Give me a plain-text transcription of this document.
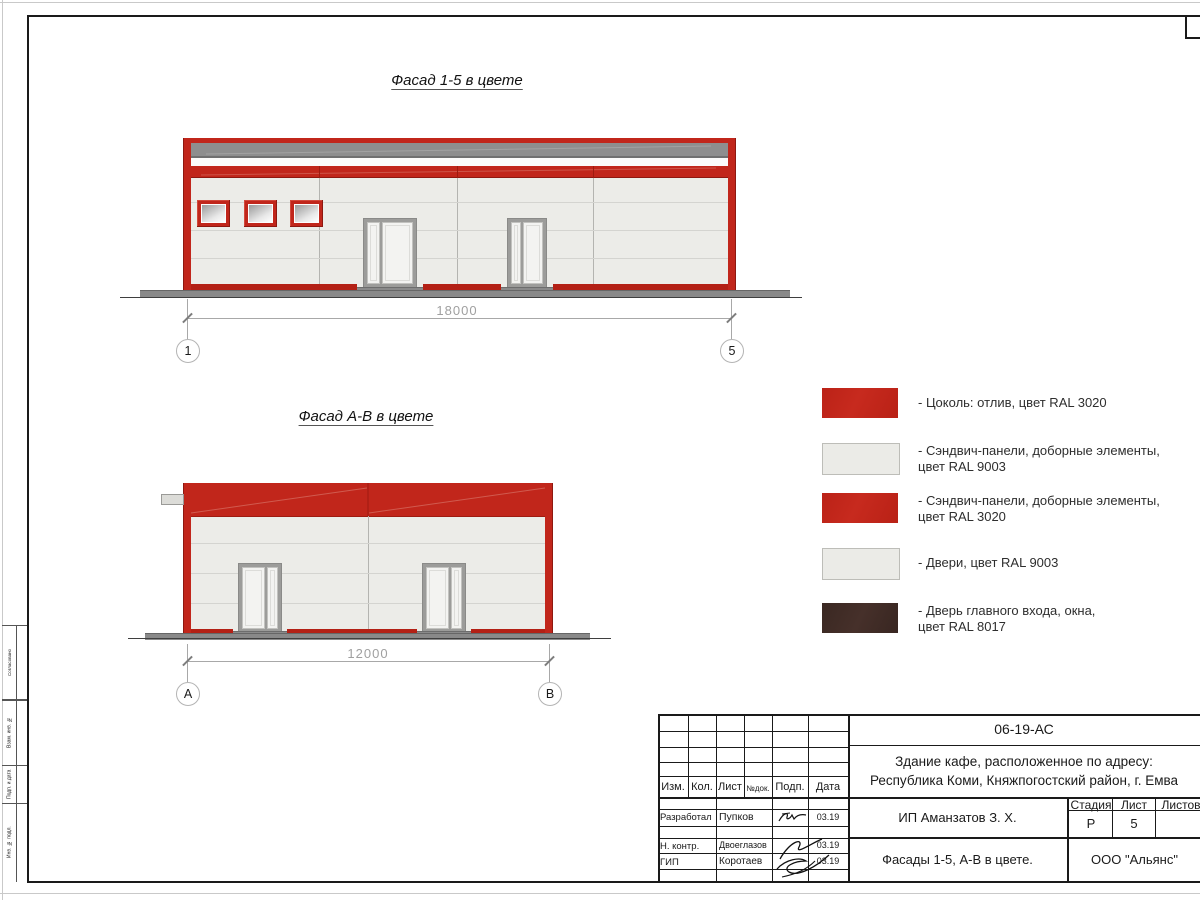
Согласовано
Взам. инв. №
Подп. и дата
Инв. № подл.
Фасад 1-5 в цвете
18000
1	5
Фасад А-В в цвете
12000
А	В
- Цоколь: отлив, цвет RAL 3020
- Сэндвич-панели, доборные элементы,
цвет RAL 9003
- Сэндвич-панели, доборные элементы,
цвет RAL 3020
- Двери, цвет RAL 9003
- Дверь главного входа, окна,
цвет RAL 8017
Изм. Кол. Лист №док. Подп.	Дата
Разработал Пупков	03.19
Н. контр.	Двоеглазов	03.19
ГИП	Коротаев	03.19
06-19-АС
Здание кафе, расположенное по адресу:
Республика Коми, Княжпогостский район, г. Емва
ИП Аманзатов З. Х.
Стадия Лист	Листов
Р	5
Фасады 1-5, А-В в цвете.	ООО "Альянс"
